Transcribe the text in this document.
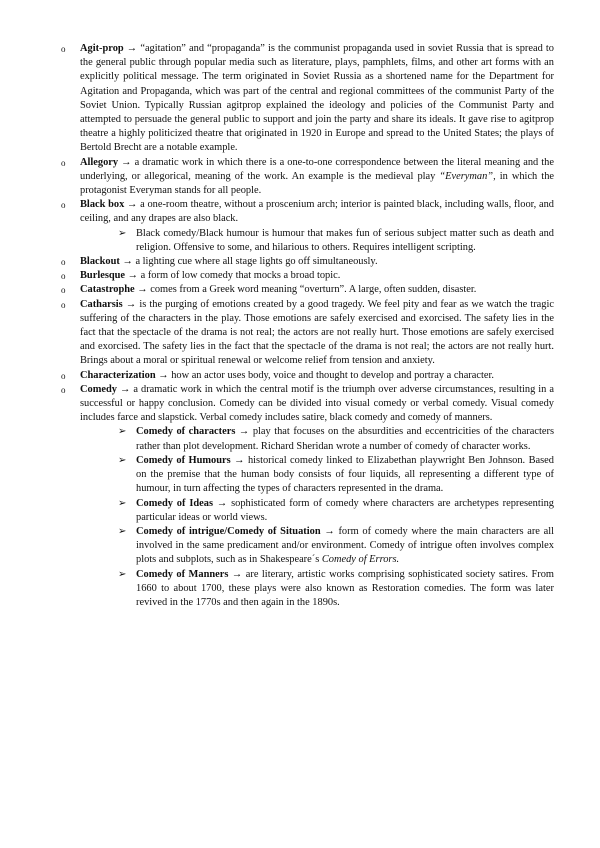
o Agit-prop → “agitation” and “propaganda” is the communist propaganda used in soviet Russia that is spread to the general public through popular media such as literature, plays, pamphlets, films, and other art forms with an explicitly political message. The term originated in Soviet Russia as a shortened name for the Department for Agitation and Propaganda, which was part of the central and regional committees of the communist Party of the Soviet Union. Typically Russian agitprop explained the ideology and policies of the Communist Party and attempted to persuade the general public to support and join the party and share its ideals. It gave rise to agitprop theatre a highly politicized theatre that originated in 1920 in Europe and spread to the United States; the plays of Bertold Brecht are a notable example.
o Allegory → a dramatic work in which there is a one-to-one correspondence between the literal meaning and the underlying, or allegorical, meaning of the work. An example is the medieval play “Everyman”, in which the protagonist Everyman stands for all people.
o Black box → a one-room theatre, without a proscenium arch; interior is painted black, including walls, floor, and ceiling, and any drapes are also black.
➢ Black comedy/Black humour is humour that makes fun of serious subject matter such as death and religion. Offensive to some, and hilarious to others. Requires intelligent scripting.
o Blackout → a lighting cue where all stage lights go off simultaneously.
o Burlesque → a form of low comedy that mocks a broad topic.
o Catastrophe → comes from a Greek word meaning “overturn”. A large, often sudden, disaster.
o Catharsis → is the purging of emotions created by a good tragedy. We feel pity and fear as we watch the tragic suffering of the characters in the play. Those emotions are safely exercised and exorcised. The safety lies in the fact that the spectacle of the drama is not real; the actors are not really hurt. Those emotions are safely exercised and exorcised. The safety lies in the fact that the spectacle of the drama is not real; the actors are not really hurt. Brings about a moral or spiritual renewal or welcome relief from tension and anxiety.
o Characterization → how an actor uses body, voice and thought to develop and portray a character.
o Comedy → a dramatic work in which the central motif is the triumph over adverse circumstances, resulting in a successful or happy conclusion. Comedy can be divided into visual comedy or verbal comedy. Visual comedy includes farce and slapstick. Verbal comedy includes satire, black comedy and comedy of manners.
➢ Comedy of characters → play that focuses on the absurdities and eccentricities of the characters rather than plot development. Richard Sheridan wrote a number of comedy of character works.
➢ Comedy of Humours → historical comedy linked to Elizabethan playwright Ben Johnson. Based on the premise that the human body consists of four liquids, all representing a different type of humour, in turn affecting the types of characters represented in the drama.
➢ Comedy of Ideas → sophisticated form of comedy where characters are archetypes representing particular ideas or world views.
➢ Comedy of intrigue/Comedy of Situation → form of comedy where the main characters are all involved in the same predicament and/or environment. Comedy of intrigue often involves complex plots and subplots, such as in Shakespeare´s Comedy of Errors.
➢ Comedy of Manners → are literary, artistic works comprising sophisticated society satires. From 1660 to about 1700, these plays were also known as Restoration comedies. The form was later revived in the 1770s and then again in the 1890s.
